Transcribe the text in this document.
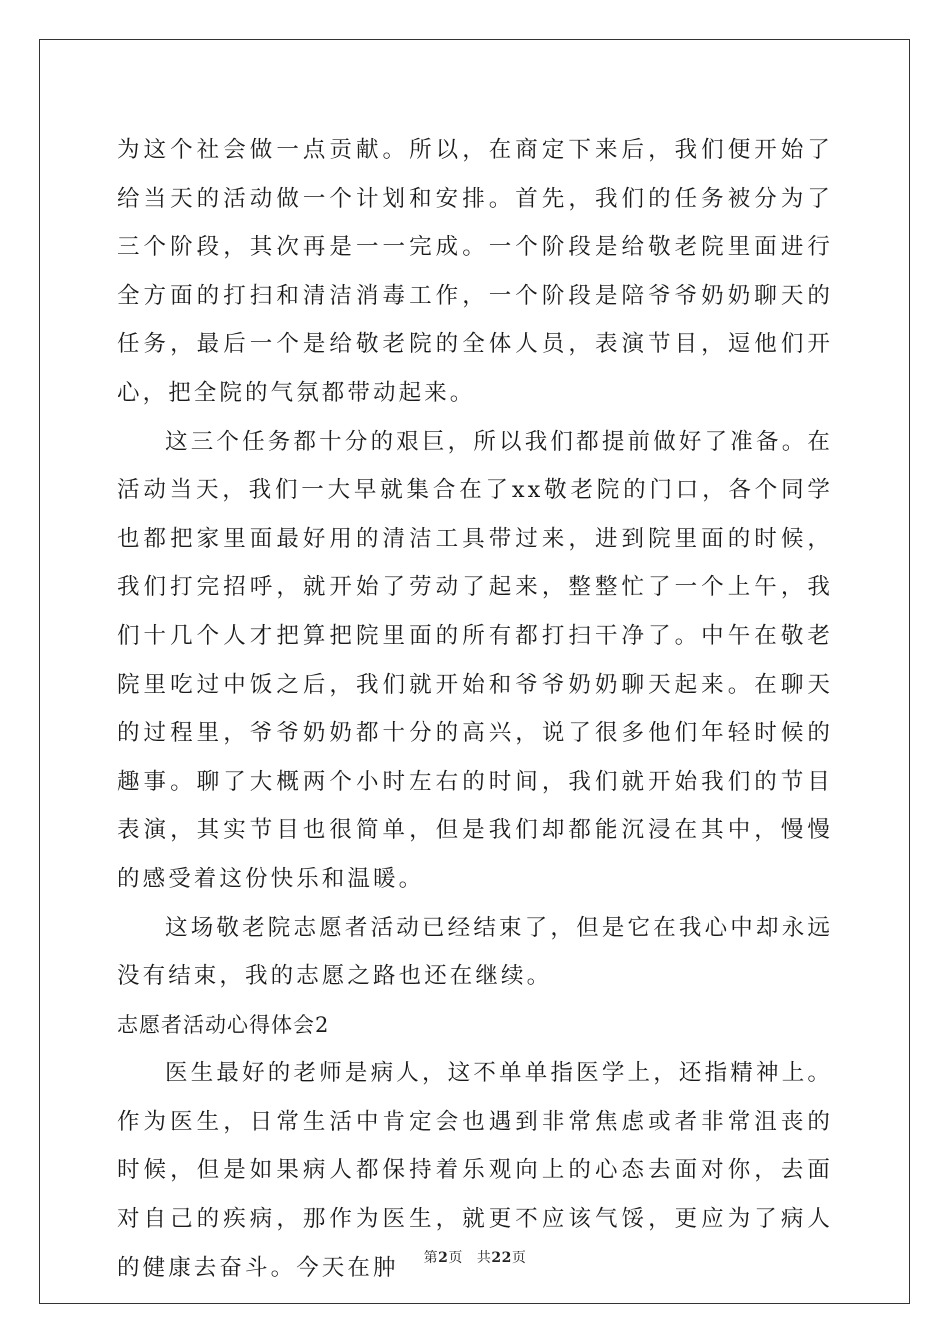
为这个社会做一点贡献。所以，在商定下来后，我们便开始了给当天的活动做一个计划和安排。首先，我们的任务被分为了三个阶段，其次再是一一完成。一个阶段是给敬老院里面进行全方面的打扫和清洁消毒工作，一个阶段是陪爷爷奶奶聊天的任务，最后一个是给敬老院的全体人员，表演节目，逗他们开心，把全院的气氛都带动起来。

这三个任务都十分的艰巨，所以我们都提前做好了准备。在活动当天，我们一大早就集合在了xx敬老院的门口，各个同学也都把家里面最好用的清洁工具带过来，进到院里面的时候，我们打完招呼，就开始了劳动了起来，整整忙了一个上午，我们十几个人才把算把院里面的所有都打扫干净了。中午在敬老院里吃过中饭之后，我们就开始和爷爷奶奶聊天起来。在聊天的过程里，爷爷奶奶都十分的高兴，说了很多他们年轻时候的趣事。聊了大概两个小时左右的时间，我们就开始我们的节目表演，其实节目也很简单，但是我们却都能沉浸在其中，慢慢的感受着这份快乐和温暖。

这场敬老院志愿者活动已经结束了，但是它在我心中却永远没有结束，我的志愿之路也还在继续。

志愿者活动心得体会2

医生最好的老师是病人，这不单单指医学上，还指精神上。作为医生，日常生活中肯定会也遇到非常焦虑或者非常沮丧的时候，但是如果病人都保持着乐观向上的心态去面对你，去面对自己的疾病，那作为医生，就更不应该气馁，更应为了病人的健康去奋斗。今天在肿	第2页 共22页
